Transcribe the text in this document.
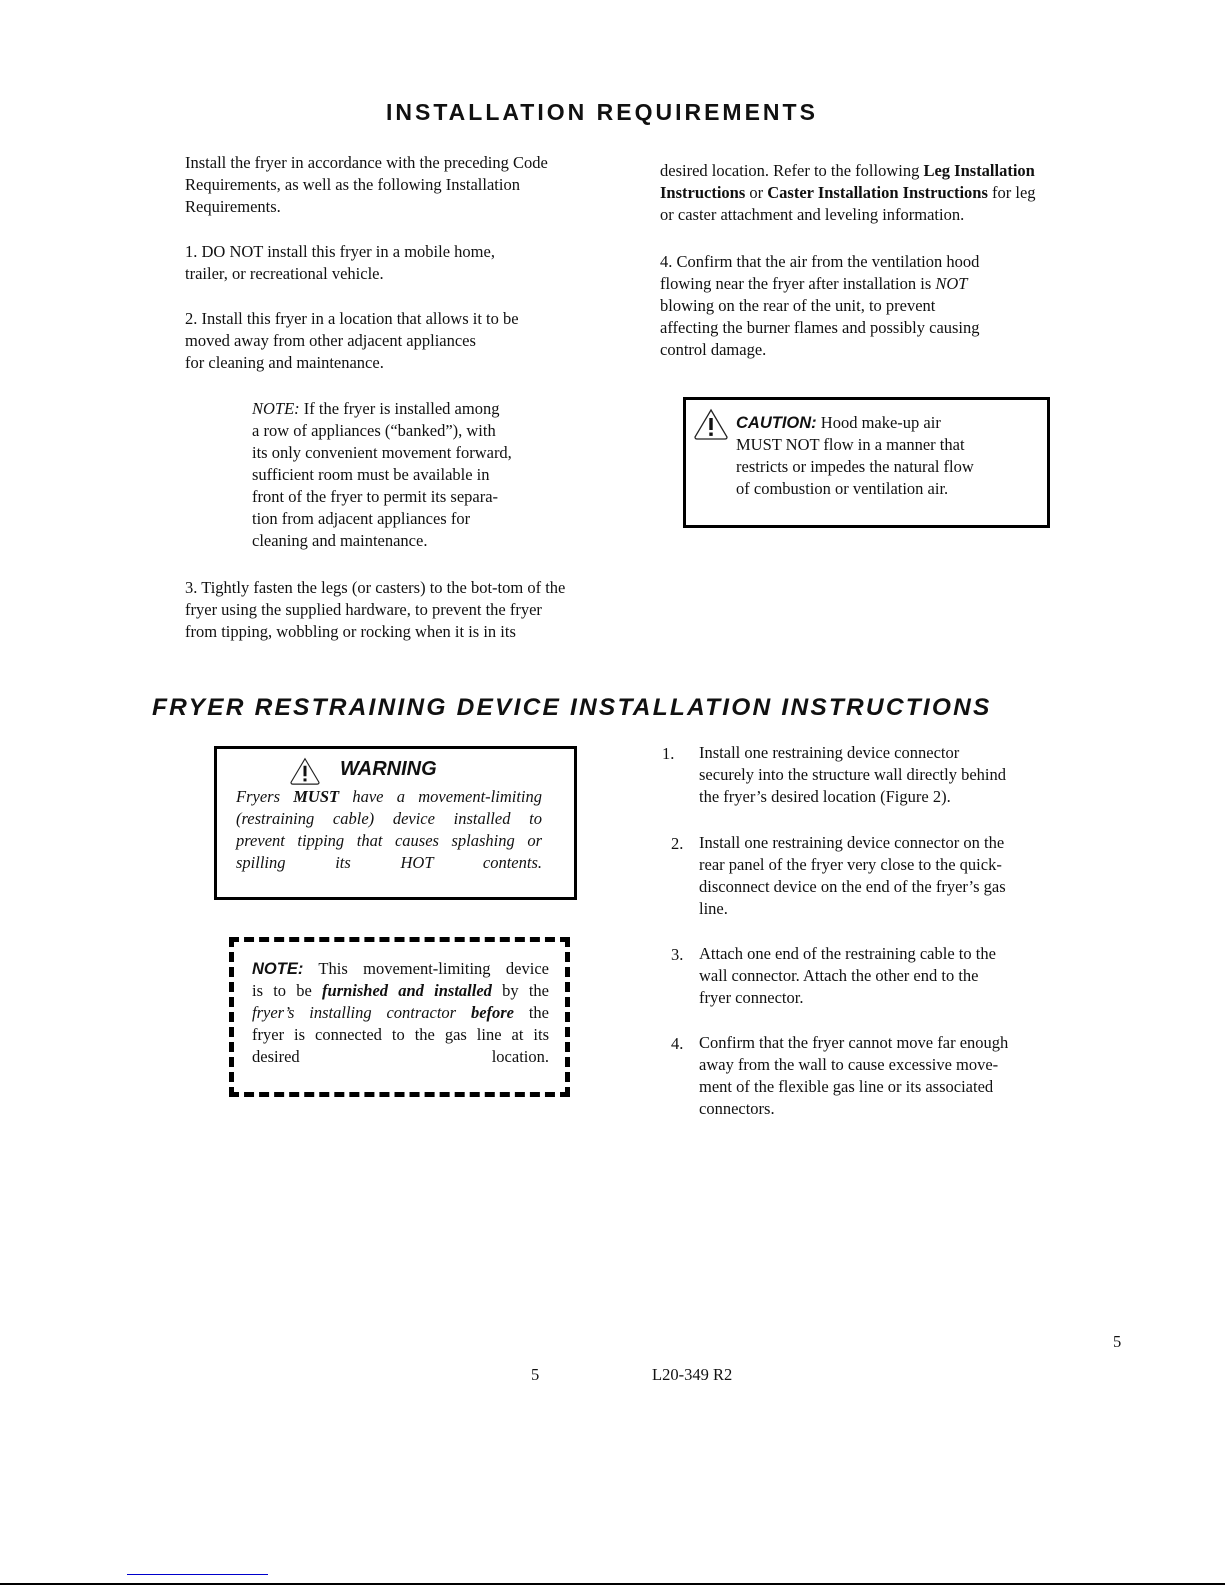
INSTALLATION REQUIREMENTS
Install the fryer in accordance with the preceding Code
Requirements, as well as the following Installation
Requirements.
1. DO NOT install this fryer in a mobile home,
trailer, or recreational vehicle.
2. Install this fryer in a location that allows it to be
moved away from other adjacent appliances
for cleaning and maintenance.
NOTE: If the fryer is installed among
a row of appliances (“banked”), with
its only convenient movement forward,
sufficient room must be available in
front of the fryer to permit its separa-
tion from adjacent appliances for
cleaning and maintenance.
3. Tightly fasten the legs (or casters) to the bot-tom of the
fryer using the supplied hardware, to prevent the fryer
from tipping, wobbling or rocking when it is in its
desired location. Refer to the following Leg Installation
Instructions or Caster Installation Instructions for leg
or caster attachment and leveling information.
4. Confirm that the air from the ventilation hood
flowing near the fryer after installation is NOT
blowing on the rear of the unit, to prevent
affecting the burner flames and possibly causing
control damage.
CAUTION: Hood make-up air
MUST NOT flow in a manner that
restricts or impedes the natural flow
of combustion or ventilation air.
FRYER RESTRAINING DEVICE INSTALLATION INSTRUCTIONS
WARNING
Fryers MUST have a movement-limiting
(restraining cable) device installed to
prevent tipping that causes splashing or
spilling its HOT contents.
NOTE: This movement-limiting device
is to be furnished and installed by the
fryer’s installing contractor before the
fryer is connected to the gas line at its
desired location.
1. Install one restraining device connector
securely into the structure wall directly behind
the fryer’s desired location (Figure 2).
2. Install one restraining device connector on the
rear panel of the fryer very close to the quick-
disconnect device on the end of the fryer’s gas
line.
3. Attach one end of the restraining cable to the
wall connector. Attach the other end to the
fryer connector.
4. Confirm that the fryer cannot move far enough
away from the wall to cause excessive move-
ment of the flexible gas line or its associated
connectors.
5
5	L20-349 R2
